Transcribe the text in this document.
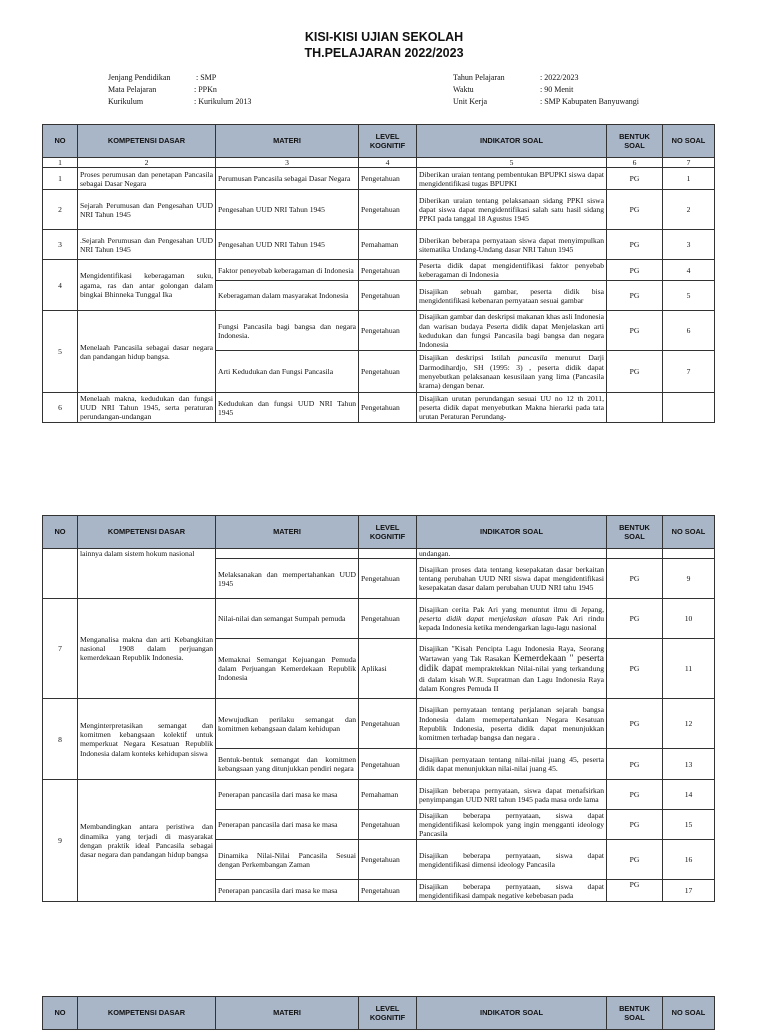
KISI-KISI UJIAN SEKOLAH
TH.PELAJARAN 2022/2023
Jenjang Pendidikan	: SMP
Mata Pelajaran	: PPKn
Kurikulum	: Kurikulum 2013
Tahun Pelajaran	: 2022/2023
Waktu	: 90 Menit
Unit Kerja	: SMP Kabupaten Banyuwangi
NO	KOMPETENSI DASAR	MATERI	LEVEL KOGNITIF	INDIKATOR SOAL	BENTUK SOAL	NO SOAL
1	2	3	4	5	6	7
1	Proses perumusan dan penetapan Pancasila sebagai Dasar Negara	Perumusan Pancasila sebagai Dasar Negara	Pengetahuan	Diberikan uraian tentang pembentukan BPUPKI siswa dapat mengidentifikasi tugas BPUPKI	PG	1
2	Sejarah Perumusan dan Pengesahan UUD NRI Tahun 1945	Pengesahan UUD NRI Tahun 1945	Pengetahuan	Diberikan uraian tentang pelaksanaan sidang PPKI siswa dapat siswa dapat mengidentifikasi salah satu hasil sidang PPKI pada tanggal 18 Agustus 1945	PG	2
3	.Sejarah Perumusan dan Pengesahan UUD NRI Tahun 1945	Pengesahan UUD NRI Tahun 1945	Pemahaman	Diberikan beberapa pernyataan siswa dapat menyimpulkan sitematika Undang-Undang dasar NRI Tahun 1945	PG	3
4	Mengidentifikasi keberagaman suku, agama, ras dan antar golongan dalam bingkai Bhinneka Tunggal Ika	Faktor peneyebab keberagaman di Indonesia	Pengetahuan	Peserta didik dapat mengidentifikasi faktor penyebab keberagaman di Indonesia	PG	4
		Keberagaman dalam masyarakat Indonesia	Pengetahuan	Disajikan sebuah gambar, peserta didik bisa mengidentifikasi kebenaran pernyataan sesuai gambar	PG	5
5	Menelaah Pancasila sebagai dasar negara dan pandangan hidup bangsa.	Fungsi Pancasila bagi bangsa dan negara Indonesia.	Pengetahuan	Disajikan gambar dan deskripsi makanan khas asli Indonesia dan warisan budaya Peserta didik dapat Menjelaskan arti kedudukan dan fungsi Pancasila bagi bangsa dan negara Indonesia	PG	6
		Arti Kedudukan dan Fungsi Pancasila	Pengetahuan	Disajikan deskripsi Istilah pancasila menurut Darji Darmodihardjo, SH (1995: 3) , peserta didik dapat menyebutkan pelaksanaan kesusilaan yang lima (Pancasila krama) dengan benar.	PG	7
6	Menelaah makna, kedudukan dan fungsi UUD NRI Tahun 1945, serta peraturan perundangan-undangan	Kedudukan dan fungsi UUD NRI Tahun 1945	Pengetahuan	Disajikan urutan perundangan sesuai UU no 12 th 2011, peserta didik dapat menyebutkan Makna hierarki pada tata urutan Peraturan Perundang-		
NO	KOMPETENSI DASAR	MATERI	LEVEL KOGNITIF	INDIKATOR SOAL	BENTUK SOAL	NO SOAL
	lainnya dalam sistem hokum nasional			undangan.		
		Melaksanakan dan mempertahankan UUD 1945	Pengetahuan	Disajikan proses data tentang kesepakatan dasar berkaitan tentang perubahan UUD NRI siswa dapat mengidentifikasi kesepakatan dasar dalam perubahan UUD NRI tahu 1945	PG	9
7	Menganalisa makna dan arti Kebangkitan nasional 1908 dalam perjuangan kemerdekaan Republik Indonesia.	Nilai-nilai dan semangat Sumpah pemuda	Pengetahuan	Disajikan cerita Pak Ari yang menuntut ilmu di Jepang, peserta didik dapat menjelaskan alasan Pak Ari rindu kepada Indonesia ketika mendengarkan lagu-lagu nasional	PG	10
		Memaknai Semangat Kejuangan Pemuda dalam Perjuangan Kemerdekaan Republik Indonesia	Aplikasi	Disajikan "Kisah Pencipta Lagu Indonesia Raya, Seorang Wartawan yang Tak Rasakan Kemerdekaan " peserta didik dapat mempraktekkan Nilai-nilai yang terkandung di dalam kisah W.R. Supratman dan Lagu Indonesia Raya dalam Kongres Pemuda II	PG	11
8	Menginterpretasikan semangat dan komitmen kebangsaan kolektif untuk memperkuat Negara Kesatuan Republik Indonesia dalam konteks kehidupan siswa	Mewujudkan perilaku semangat dan komitmen kebangsaan dalam kehidupan	Pengetahuan	Disajikan pernyataan tentang perjalanan sejarah bangsa Indonesia dalam memepertahankan Negara Kesatuan Republik Indonesia, peserta didik dapat menunjukkan komitmen terhadap bangsa dan negara .	PG	12
		Bentuk-bentuk semangat dan komitmen kebangsaan yang ditunjukkan pendiri negara	Pengetahuan	Disajikan pernyataan tentang nilai-nilai juang 45, peserta didik dapat menunjukkan nilai-nilai juang 45.	PG	13
9	Membandingkan antara peristiwa dan dinamika yang terjadi di masyarakat dengan praktik ideal Pancasila sebagai dasar negara dan pandangan hidup bangsa	Penerapan pancasila dari masa ke masa	Pemahaman	Disajikan beberapa pernyataan, siswa dapat menafsirkan penyimpangan UUD NRI tahun 1945 pada masa orde lama	PG	14
		Penerapan pancasila dari masa ke masa	Pengetahuan	Disajikan beberapa pernyataan, siswa dapat mengidentifikasi kelompok yang ingin mengganti ideology Pancasila	PG	15
		Dinamika Nilai-Nilai Pancasila Sesuai dengan Perkembangan Zaman	Pengetahuan	Disajikan beberapa pernyataan, siswa dapat mengidentifikasi dimensi ideology Pancasila	PG	16
		Penerapan pancasila dari masa ke masa	Pengetahuan	Disajikan beberapa pernyataan, siswa dapat mengidentifikasi dampak negative kebebasan pada	PG	17
NO	KOMPETENSI DASAR	MATERI	LEVEL KOGNITIF	INDIKATOR SOAL	BENTUK SOAL	NO SOAL
